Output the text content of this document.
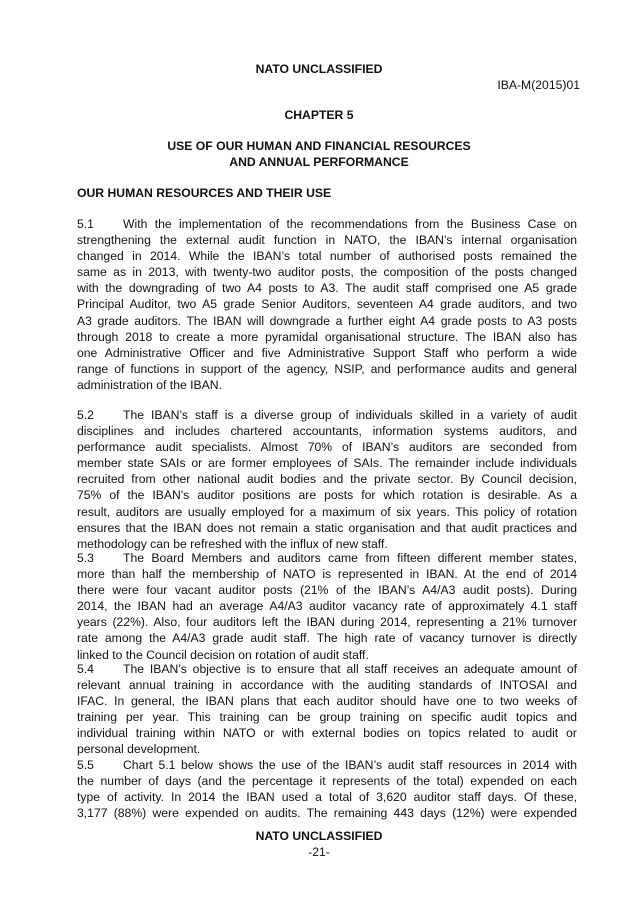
NATO UNCLASSIFIED
IBA-M(2015)01
CHAPTER 5
USE OF OUR HUMAN AND FINANCIAL RESOURCES
AND ANNUAL PERFORMANCE
OUR HUMAN RESOURCES AND THEIR USE
5.1 With the implementation of the recommendations from the Business Case on
strengthening the external audit function in NATO, the IBAN’s internal organisation
changed in 2014. While the IBAN’s total number of authorised posts remained the
same as in 2013, with twenty-two auditor posts, the composition of the posts changed
with the downgrading of two A4 posts to A3. The audit staff comprised one A5 grade
Principal Auditor, two A5 grade Senior Auditors, seventeen A4 grade auditors, and two
A3 grade auditors. The IBAN will downgrade a further eight A4 grade posts to A3 posts
through 2018 to create a more pyramidal organisational structure. The IBAN also has
one Administrative Officer and five Administrative Support Staff who perform a wide
range of functions in support of the agency, NSIP, and performance audits and general
administration of the IBAN.
5.2 The IBAN’s staff is a diverse group of individuals skilled in a variety of audit
disciplines and includes chartered accountants, information systems auditors, and
performance audit specialists. Almost 70% of IBAN’s auditors are seconded from
member state SAIs or are former employees of SAIs. The remainder include individuals
recruited from other national audit bodies and the private sector. By Council decision,
75% of the IBAN's auditor positions are posts for which rotation is desirable. As a
result, auditors are usually employed for a maximum of six years. This policy of rotation
ensures that the IBAN does not remain a static organisation and that audit practices and
methodology can be refreshed with the influx of new staff.
5.3 The Board Members and auditors came from fifteen different member states,
more than half the membership of NATO is represented in IBAN. At the end of 2014
there were four vacant auditor posts (21% of the IBAN’s A4/A3 audit posts). During
2014, the IBAN had an average A4/A3 auditor vacancy rate of approximately 4.1 staff
years (22%). Also, four auditors left the IBAN during 2014, representing a 21% turnover
rate among the A4/A3 grade audit staff. The high rate of vacancy turnover is directly
linked to the Council decision on rotation of audit staff.
5.4 The IBAN’s objective is to ensure that all staff receives an adequate amount of
relevant annual training in accordance with the auditing standards of INTOSAI and
IFAC. In general, the IBAN plans that each auditor should have one to two weeks of
training per year. This training can be group training on specific audit topics and
individual training within NATO or with external bodies on topics related to audit or
personal development.
5.5 Chart 5.1 below shows the use of the IBAN’s audit staff resources in 2014 with
the number of days (and the percentage it represents of the total) expended on each
type of activity. In 2014 the IBAN used a total of 3,620 auditor staff days. Of these,
3,177 (88%) were expended on audits. The remaining 443 days (12%) were expended
NATO UNCLASSIFIED
-21-
